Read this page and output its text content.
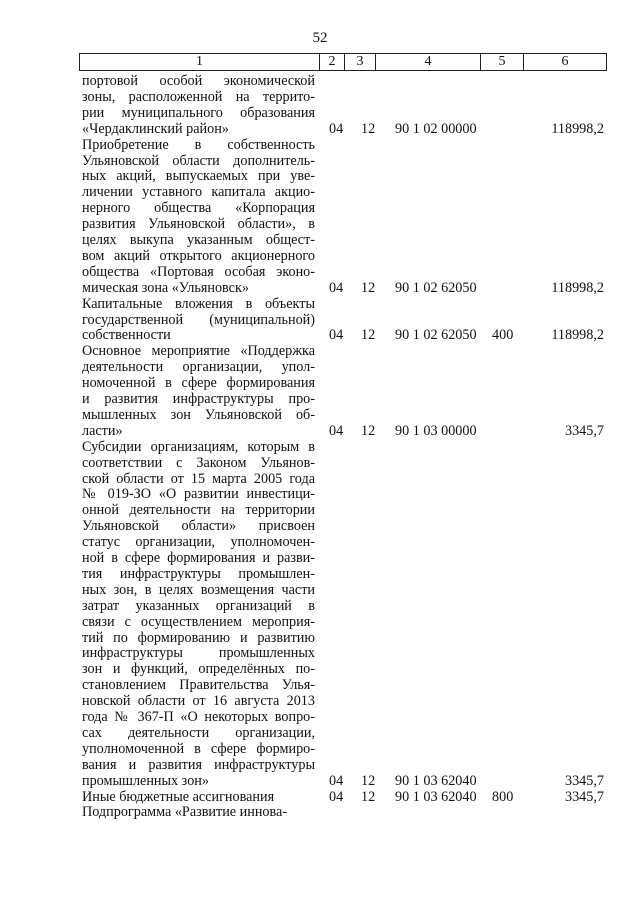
52
1	2	3	4	5	6
портовой особой экономической
зоны, расположенной на террито-
рии муниципального образования
«Чердаклинский район»	04 12 90 1 02 00000	118998,2
Приобретение в собственность
Ульяновской области дополнитель-
ных акций, выпускаемых при уве-
личении уставного капитала акцио-
нерного общества «Корпорация
развития Ульяновской области», в
целях выкупа указанным общест-
вом акций открытого акционерного
общества «Портовая особая эконо-
мическая зона «Ульяновск»	04 12 90 1 02 62050	118998,2
Капитальные вложения в объекты
государственной (муниципальной)
собственности	04 12 90 1 02 62050 400	118998,2
Основное мероприятие «Поддержка
деятельности организации, упол-
номоченной в сфере формирования
и развития инфраструктуры про-
мышленных зон Ульяновской об-
ласти»	04 12 90 1 03 00000	3345,7
Субсидии организациям, которым в
соответствии с Законом Ульянов-
ской области от 15 марта 2005 года
№ 019-ЗО «О развитии инвестици-
онной деятельности на территории
Ульяновской области» присвоен
статус организации, уполномочен-
ной в сфере формирования и разви-
тия инфраструктуры промышлен-
ных зон, в целях возмещения части
затрат указанных организаций в
связи с осуществлением мероприя-
тий по формированию и развитию
инфраструктуры промышленных
зон и функций, определённых по-
становлением Правительства Улья-
новской области от 16 августа 2013
года № 367-П «О некоторых вопро-
сах деятельности организации,
уполномоченной в сфере формиро-
вания и развития инфраструктуры
промышленных зон»	04 12 90 1 03 62040	3345,7
Иные бюджетные ассигнования	04 12 90 1 03 62040 800	3345,7
Подпрограмма «Развитие иннова-
